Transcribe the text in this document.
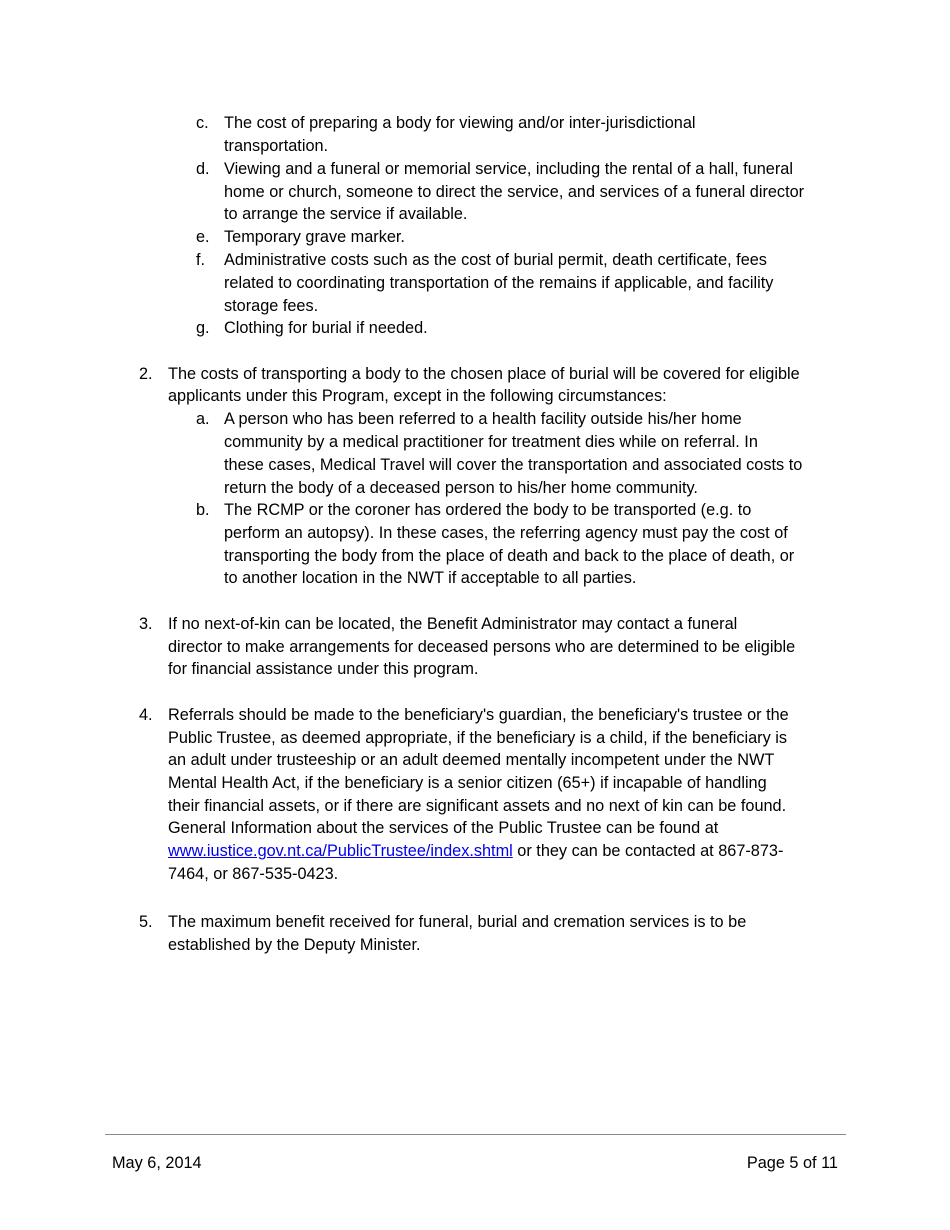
c. The cost of preparing a body for viewing and/or inter-jurisdictional
transportation.
d. Viewing and a funeral or memorial service, including the rental of a hall, funeral
home or church, someone to direct the service, and services of a funeral director
to arrange the service if available.
e. Temporary grave marker.
f. Administrative costs such as the cost of burial permit, death certificate, fees
related to coordinating transportation of the remains if applicable, and facility
storage fees.
g. Clothing for burial if needed.
2. The costs of transporting a body to the chosen place of burial will be covered for eligible
applicants under this Program, except in the following circumstances:
a. A person who has been referred to a health facility outside his/her home
community by a medical practitioner for treatment dies while on referral. In
these cases, Medical Travel will cover the transportation and associated costs to
return the body of a deceased person to his/her home community.
b. The RCMP or the coroner has ordered the body to be transported (e.g. to
perform an autopsy). In these cases, the referring agency must pay the cost of
transporting the body from the place of death and back to the place of death, or
to another location in the NWT if acceptable to all parties.
3. If no next-of-kin can be located, the Benefit Administrator may contact a funeral
director to make arrangements for deceased persons who are determined to be eligible
for financial assistance under this program.
4. Referrals should be made to the beneficiary's guardian, the beneficiary's trustee or the
Public Trustee, as deemed appropriate, if the beneficiary is a child, if the beneficiary is
an adult under trusteeship or an adult deemed mentally incompetent under the NWT
Mental Health Act, if the beneficiary is a senior citizen (65+) if incapable of handling
their financial assets, or if there are significant assets and no next of kin can be found.
General Information about the services of the Public Trustee can be found at
www.iustice.gov.nt.ca/PublicTrustee/index.shtml or they can be contacted at 867-873-
7464, or 867-535-0423.
5. The maximum benefit received for funeral, burial and cremation services is to be
established by the Deputy Minister.
May 6, 2014	Page 5 of 11
